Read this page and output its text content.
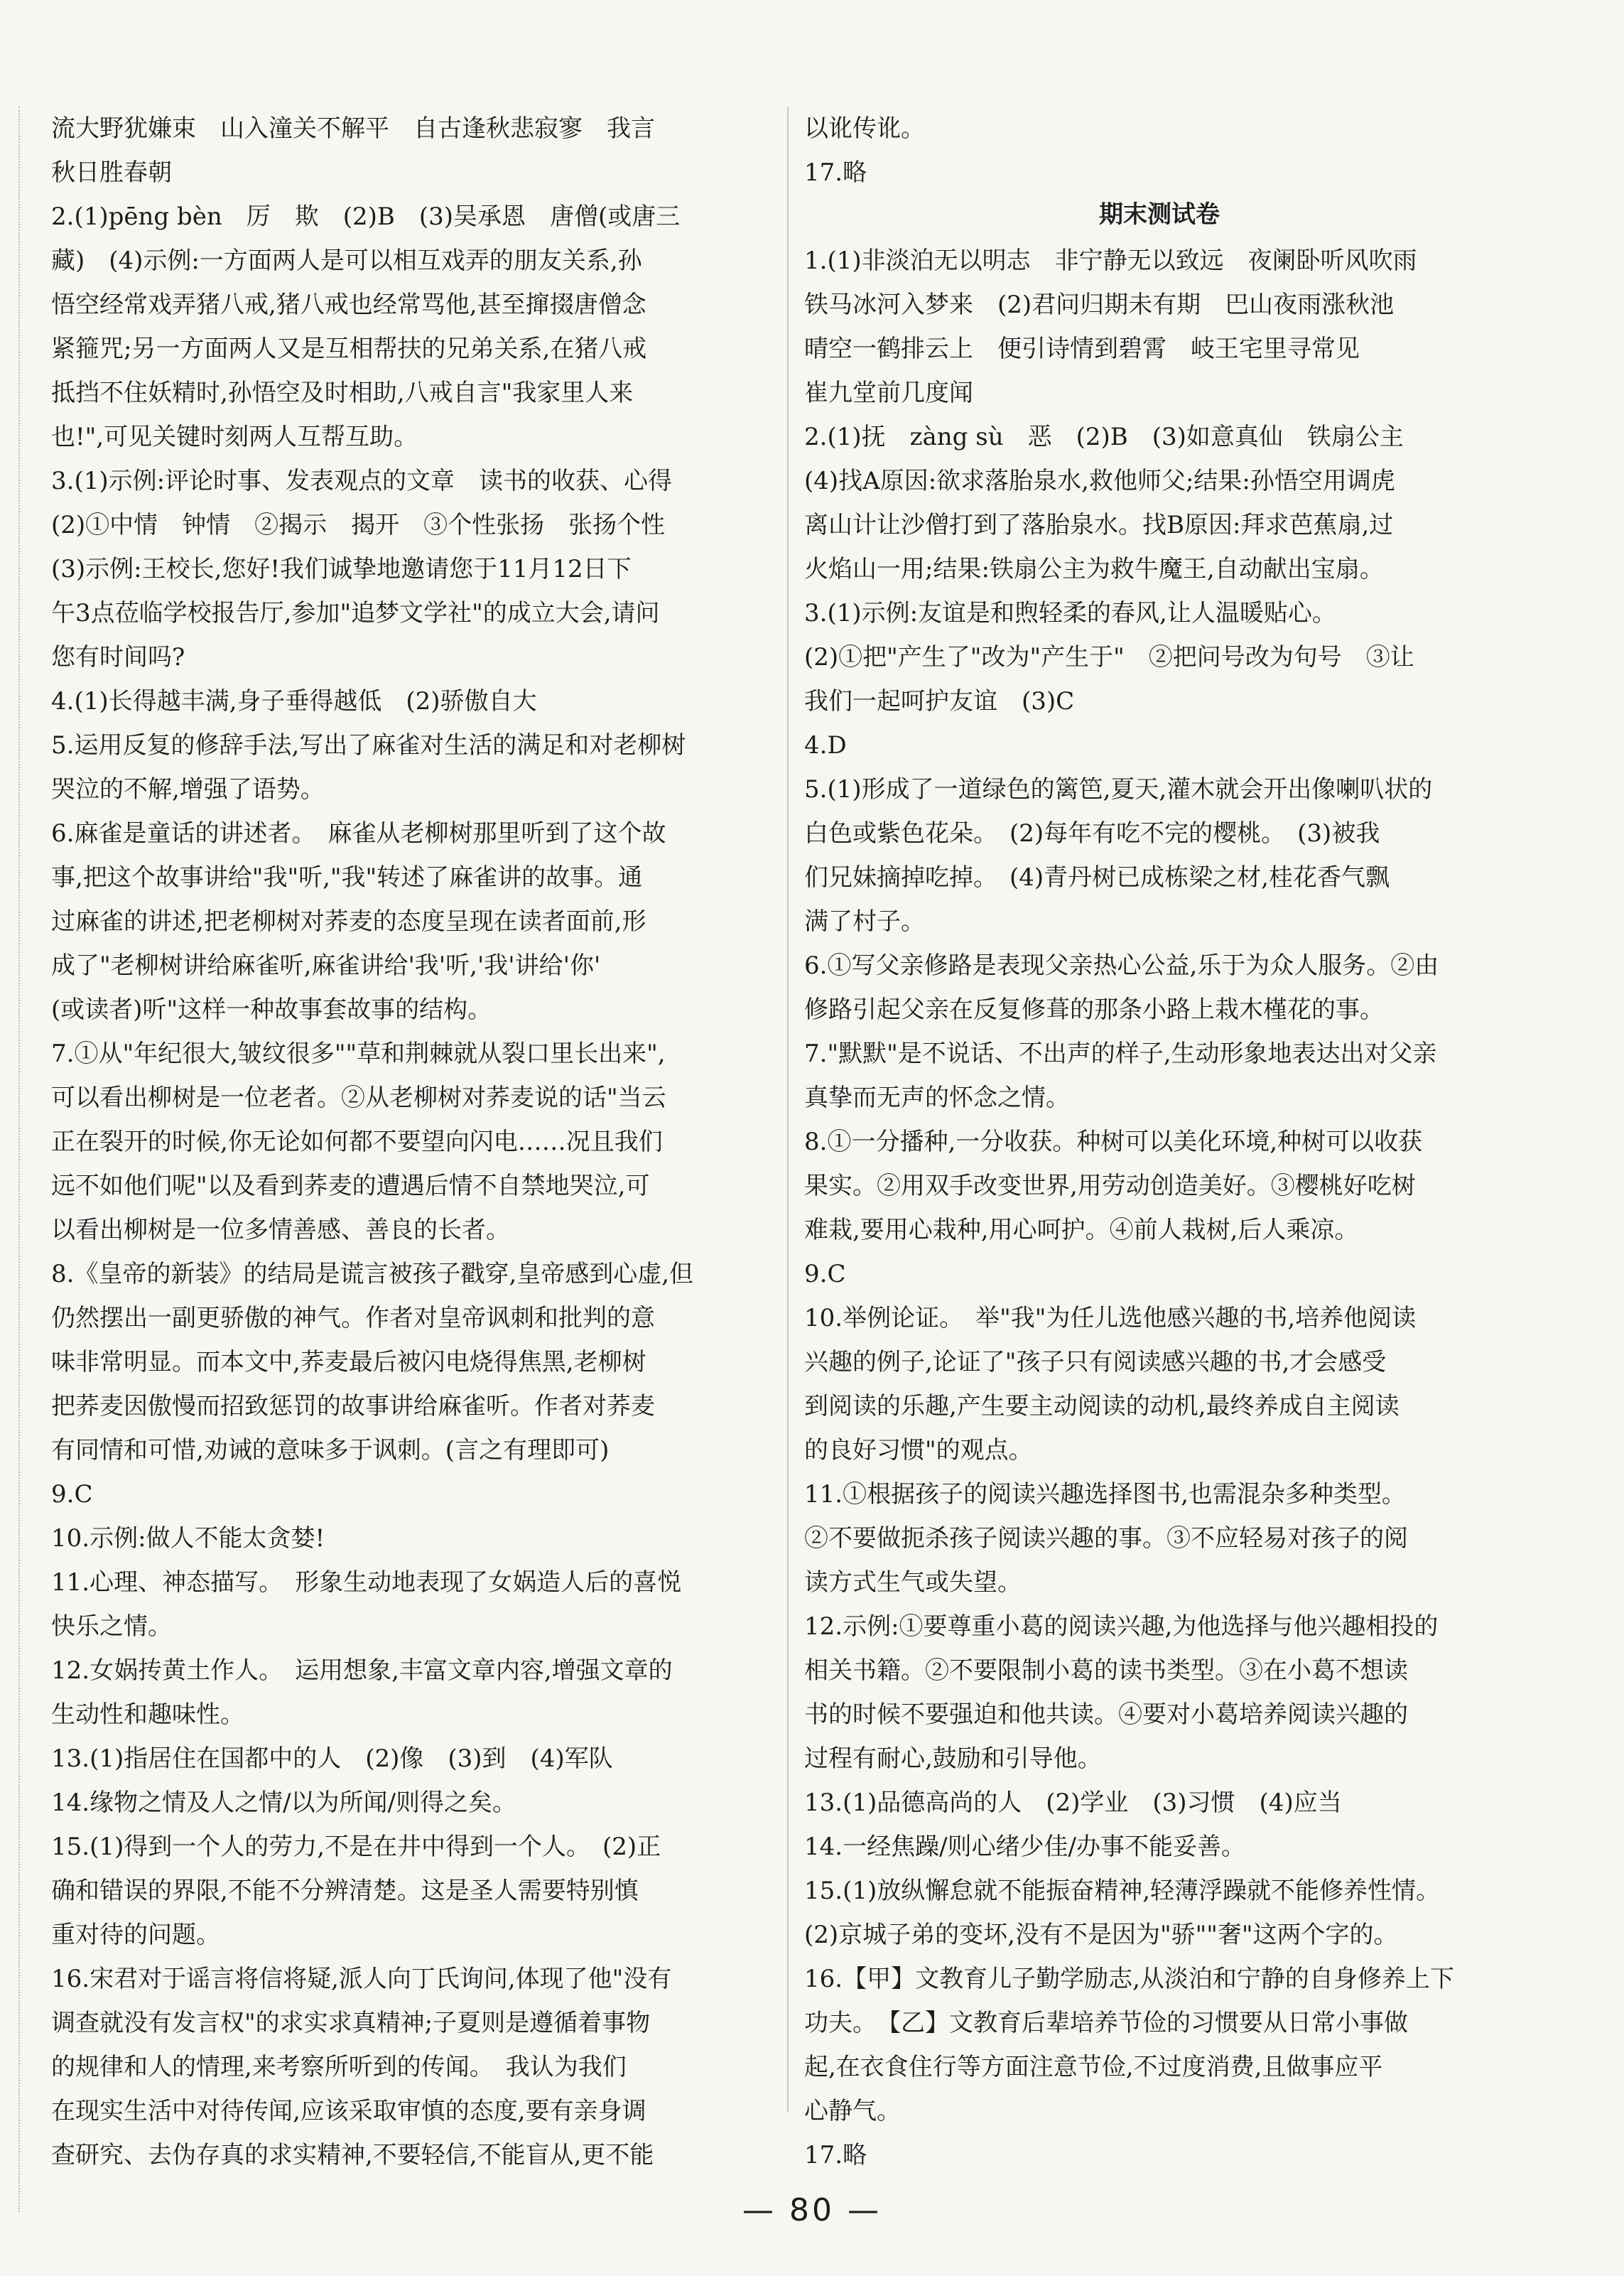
流大野犹嫌束　山入潼关不解平　自古逢秋悲寂寥　我言
秋日胜春朝
2.(1)pēng bèn　厉　欺　(2)B　(3)吴承恩　唐僧(或唐三
藏)　(4)示例:一方面两人是可以相互戏弄的朋友关系,孙
悟空经常戏弄猪八戒,猪八戒也经常骂他,甚至撺掇唐僧念
紧箍咒;另一方面两人又是互相帮扶的兄弟关系,在猪八戒
抵挡不住妖精时,孙悟空及时相助,八戒自言"我家里人来
也!",可见关键时刻两人互帮互助。
3.(1)示例:评论时事、发表观点的文章　读书的收获、心得
(2)①中情　钟情　②揭示　揭开　③个性张扬　张扬个性
(3)示例:王校长,您好!我们诚挚地邀请您于11月12日下
午3点莅临学校报告厅,参加"追梦文学社"的成立大会,请问
您有时间吗?
4.(1)长得越丰满,身子垂得越低　(2)骄傲自大
5.运用反复的修辞手法,写出了麻雀对生活的满足和对老柳树
哭泣的不解,增强了语势。
6.麻雀是童话的讲述者。　麻雀从老柳树那里听到了这个故
事,把这个故事讲给"我"听,"我"转述了麻雀讲的故事。通
过麻雀的讲述,把老柳树对荞麦的态度呈现在读者面前,形
成了"老柳树讲给麻雀听,麻雀讲给'我'听,'我'讲给'你'
(或读者)听"这样一种故事套故事的结构。
7.①从"年纪很大,皱纹很多""草和荆棘就从裂口里长出来",
可以看出柳树是一位老者。②从老柳树对荞麦说的话"当云
正在裂开的时候,你无论如何都不要望向闪电……况且我们
远不如他们呢"以及看到荞麦的遭遇后情不自禁地哭泣,可
以看出柳树是一位多情善感、善良的长者。
8.《皇帝的新装》的结局是谎言被孩子戳穿,皇帝感到心虚,但
仍然摆出一副更骄傲的神气。作者对皇帝讽刺和批判的意
味非常明显。而本文中,荞麦最后被闪电烧得焦黑,老柳树
把荞麦因傲慢而招致惩罚的故事讲给麻雀听。作者对荞麦
有同情和可惜,劝诫的意味多于讽刺。(言之有理即可)
9.C
10.示例:做人不能太贪婪!
11.心理、神态描写。　形象生动地表现了女娲造人后的喜悦
快乐之情。
12.女娲抟黄土作人。　运用想象,丰富文章内容,增强文章的
生动性和趣味性。
13.(1)指居住在国都中的人　(2)像　(3)到　(4)军队
14.缘物之情及人之情/以为所闻/则得之矣。
15.(1)得到一个人的劳力,不是在井中得到一个人。　(2)正
确和错误的界限,不能不分辨清楚。这是圣人需要特别慎
重对待的问题。
16.宋君对于谣言将信将疑,派人向丁氏询问,体现了他"没有
调查就没有发言权"的求实求真精神;子夏则是遵循着事物
的规律和人的情理,来考察所听到的传闻。　我认为我们
在现实生活中对待传闻,应该采取审慎的态度,要有亲身调
查研究、去伪存真的求实精神,不要轻信,不能盲从,更不能
以讹传讹。
17.略
期末测试卷
1.(1)非淡泊无以明志　非宁静无以致远　夜阑卧听风吹雨
铁马冰河入梦来　(2)君问归期未有期　巴山夜雨涨秋池
晴空一鹤排云上　便引诗情到碧霄　岐王宅里寻常见
崔九堂前几度闻
2.(1)抚　zàng sù　恶　(2)B　(3)如意真仙　铁扇公主
(4)找A原因:欲求落胎泉水,救他师父;结果:孙悟空用调虎
离山计让沙僧打到了落胎泉水。找B原因:拜求芭蕉扇,过
火焰山一用;结果:铁扇公主为救牛魔王,自动献出宝扇。
3.(1)示例:友谊是和煦轻柔的春风,让人温暖贴心。
(2)①把"产生了"改为"产生于"　②把问号改为句号　③让
我们一起呵护友谊　(3)C
4.D
5.(1)形成了一道绿色的篱笆,夏天,灌木就会开出像喇叭状的
白色或紫色花朵。　(2)每年有吃不完的樱桃。　(3)被我
们兄妹摘掉吃掉。　(4)青丹树已成栋梁之材,桂花香气飘
满了村子。
6.①写父亲修路是表现父亲热心公益,乐于为众人服务。②由
修路引起父亲在反复修葺的那条小路上栽木槿花的事。
7."默默"是不说话、不出声的样子,生动形象地表达出对父亲
真挚而无声的怀念之情。
8.①一分播种,一分收获。种树可以美化环境,种树可以收获
果实。②用双手改变世界,用劳动创造美好。③樱桃好吃树
难栽,要用心栽种,用心呵护。④前人栽树,后人乘凉。
9.C
10.举例论证。　举"我"为任儿选他感兴趣的书,培养他阅读
兴趣的例子,论证了"孩子只有阅读感兴趣的书,才会感受
到阅读的乐趣,产生要主动阅读的动机,最终养成自主阅读
的良好习惯"的观点。
11.①根据孩子的阅读兴趣选择图书,也需混杂多种类型。
②不要做扼杀孩子阅读兴趣的事。③不应轻易对孩子的阅
读方式生气或失望。
12.示例:①要尊重小葛的阅读兴趣,为他选择与他兴趣相投的
相关书籍。②不要限制小葛的读书类型。③在小葛不想读
书的时候不要强迫和他共读。④要对小葛培养阅读兴趣的
过程有耐心,鼓励和引导他。
13.(1)品德高尚的人　(2)学业　(3)习惯　(4)应当
14.一经焦躁/则心绪少佳/办事不能妥善。
15.(1)放纵懈怠就不能振奋精神,轻薄浮躁就不能修养性情。
(2)京城子弟的变坏,没有不是因为"骄""奢"这两个字的。
16.【甲】文教育儿子勤学励志,从淡泊和宁静的自身修养上下
功夫。　【乙】文教育后辈培养节俭的习惯要从日常小事做
起,在衣食住行等方面注意节俭,不过度消费,且做事应平
心静气。
17.略
— 80 —
